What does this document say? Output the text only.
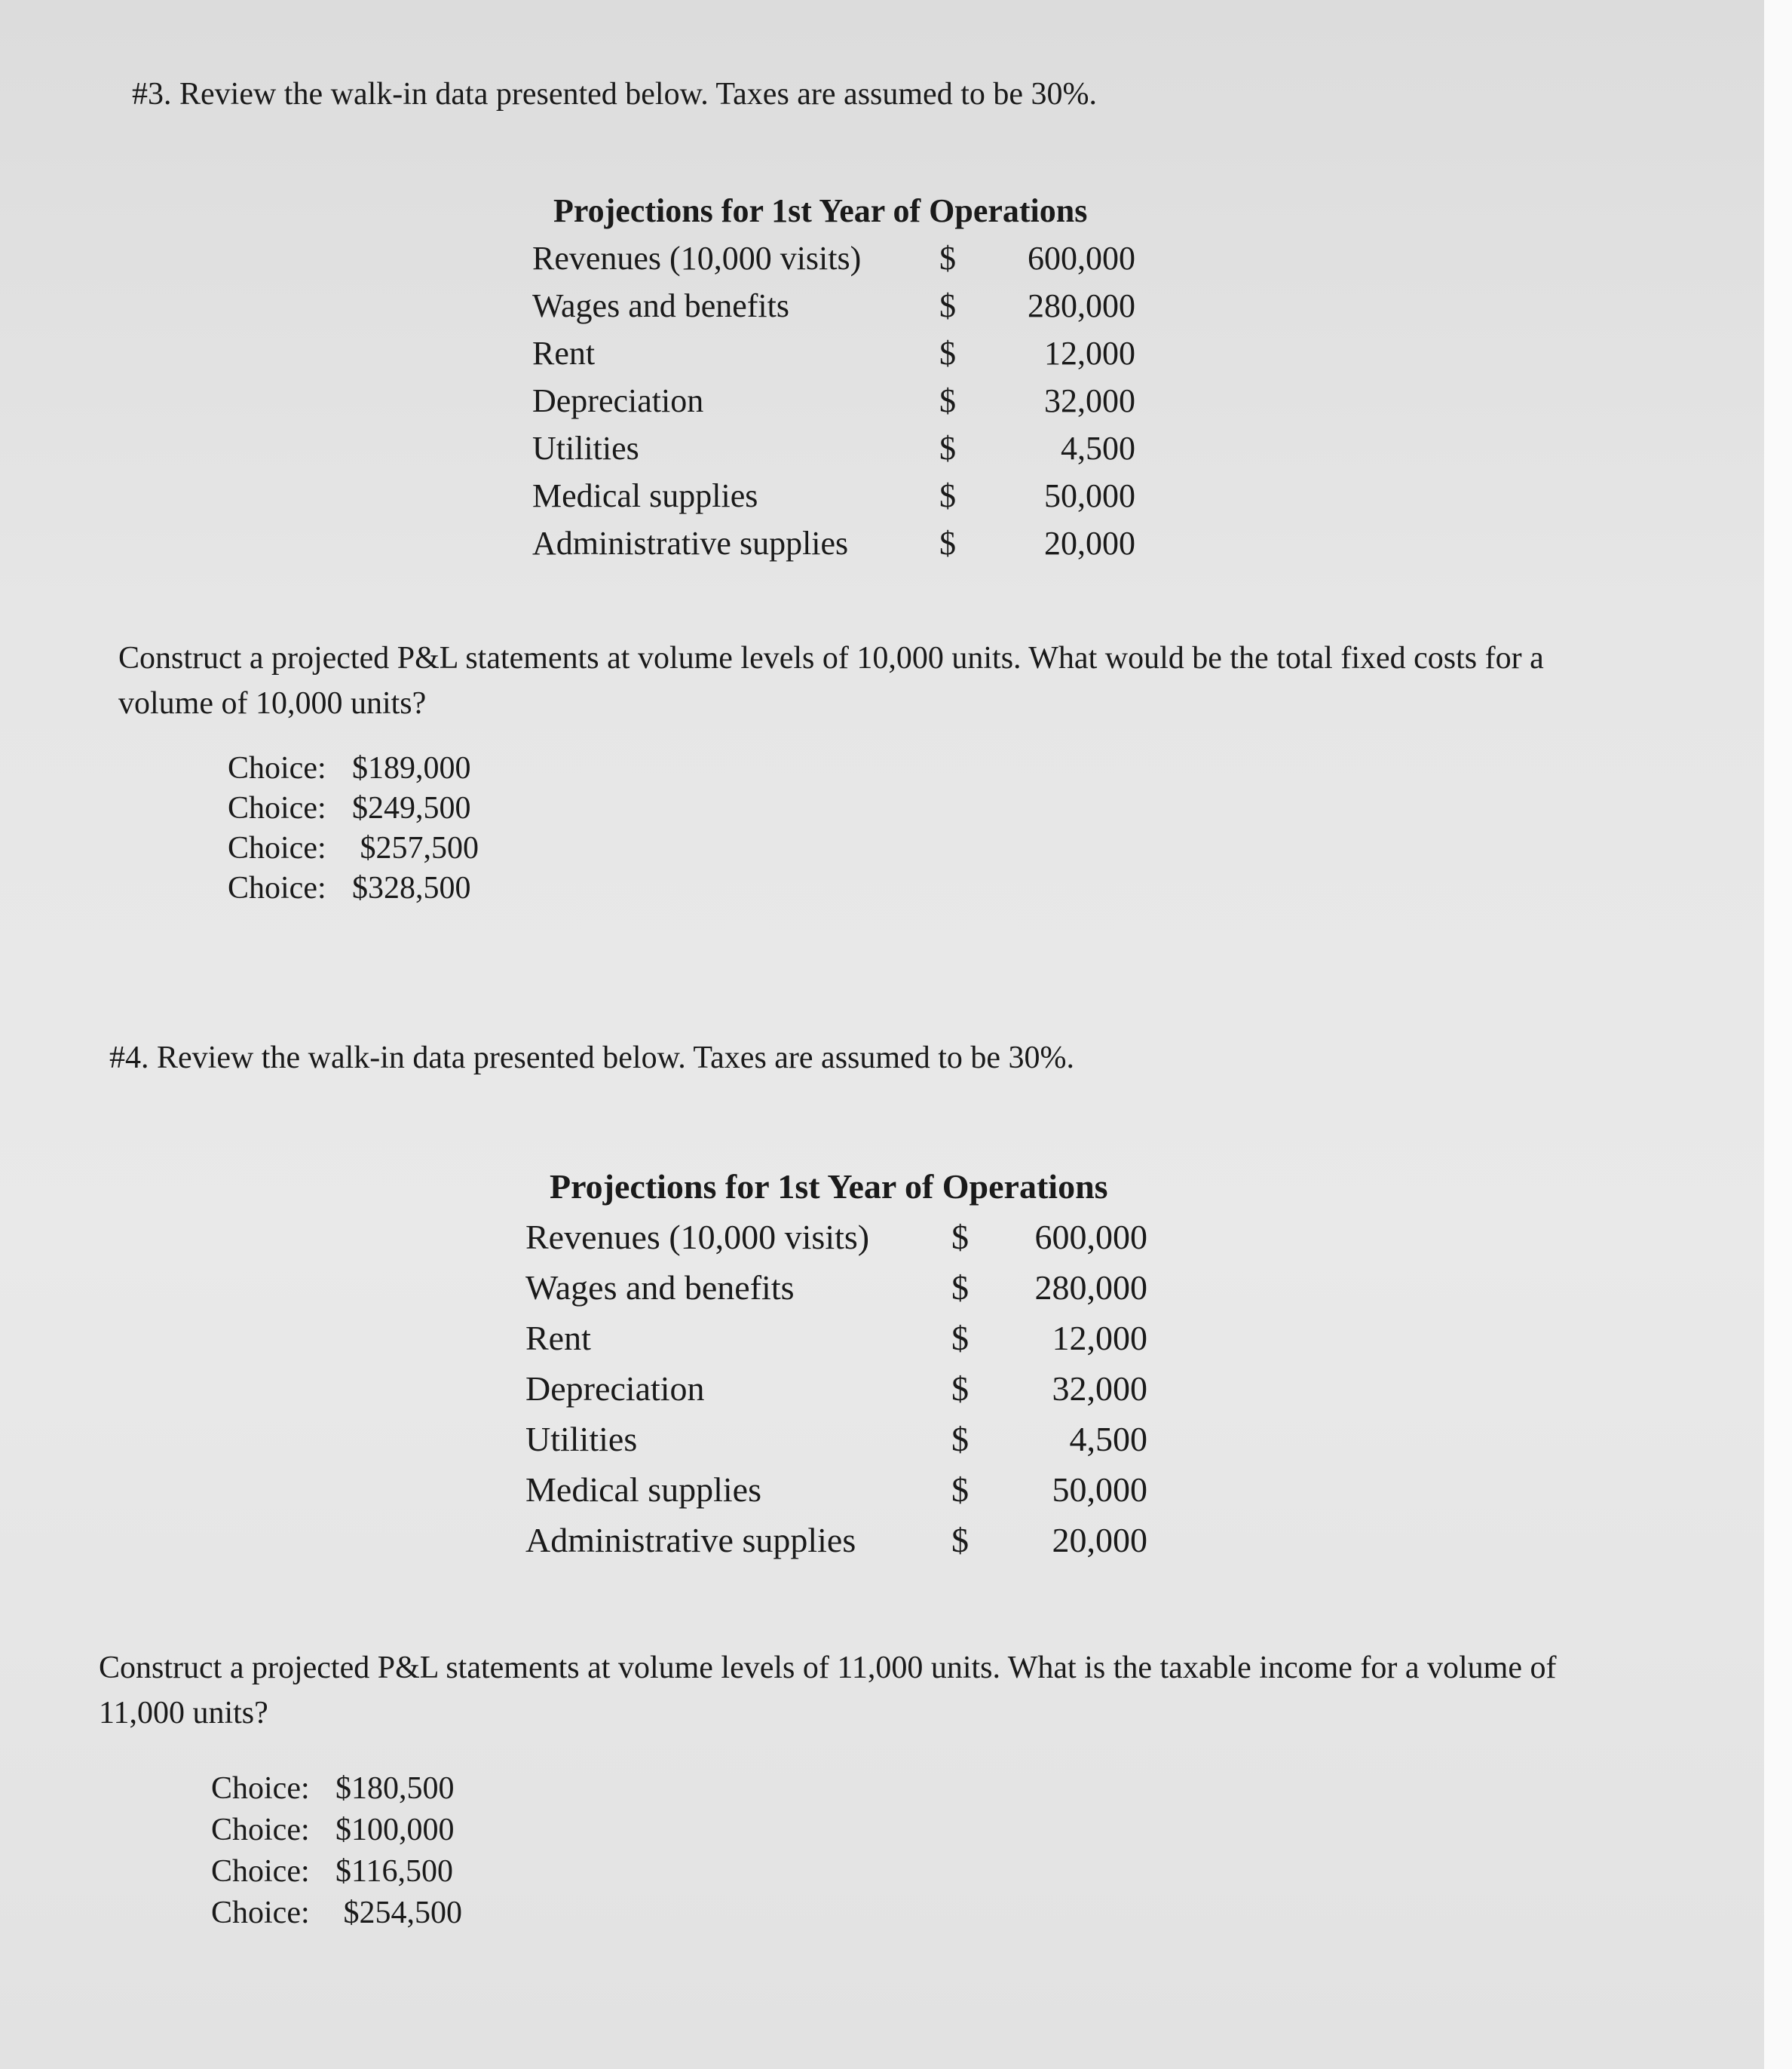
#3. Review the walk-in data presented below. Taxes are assumed to be 30%.
Projections for 1st Year of Operations
Revenues (10,000 visits) $	600,000
Wages and benefits	$	280,000
Rent	$	12,000
Depreciation	$	32,000
Utilities	$	4,500
Medical supplies	$	50,000
Administrative supplies	$	20,000
Construct a projected P&L statements at volume levels of 10,000 units. What would be the total fixed costs for a volume of 10,000 units?
Choice: $189,000
Choice: $249,500
Choice: $257,500
Choice: $328,500
#4. Review the walk-in data presented below. Taxes are assumed to be 30%.
Projections for 1st Year of Operations
Revenues (10,000 visits) $	600,000
Wages and benefits	$	280,000
Rent	$	12,000
Depreciation	$	32,000
Utilities	$	4,500
Medical supplies	$	50,000
Administrative supplies	$	20,000
Construct a projected P&L statements at volume levels of 11,000 units. What is the taxable income for a volume of 11,000 units?
Choice: $180,500
Choice: $100,000
Choice: $116,500
Choice: $254,500
